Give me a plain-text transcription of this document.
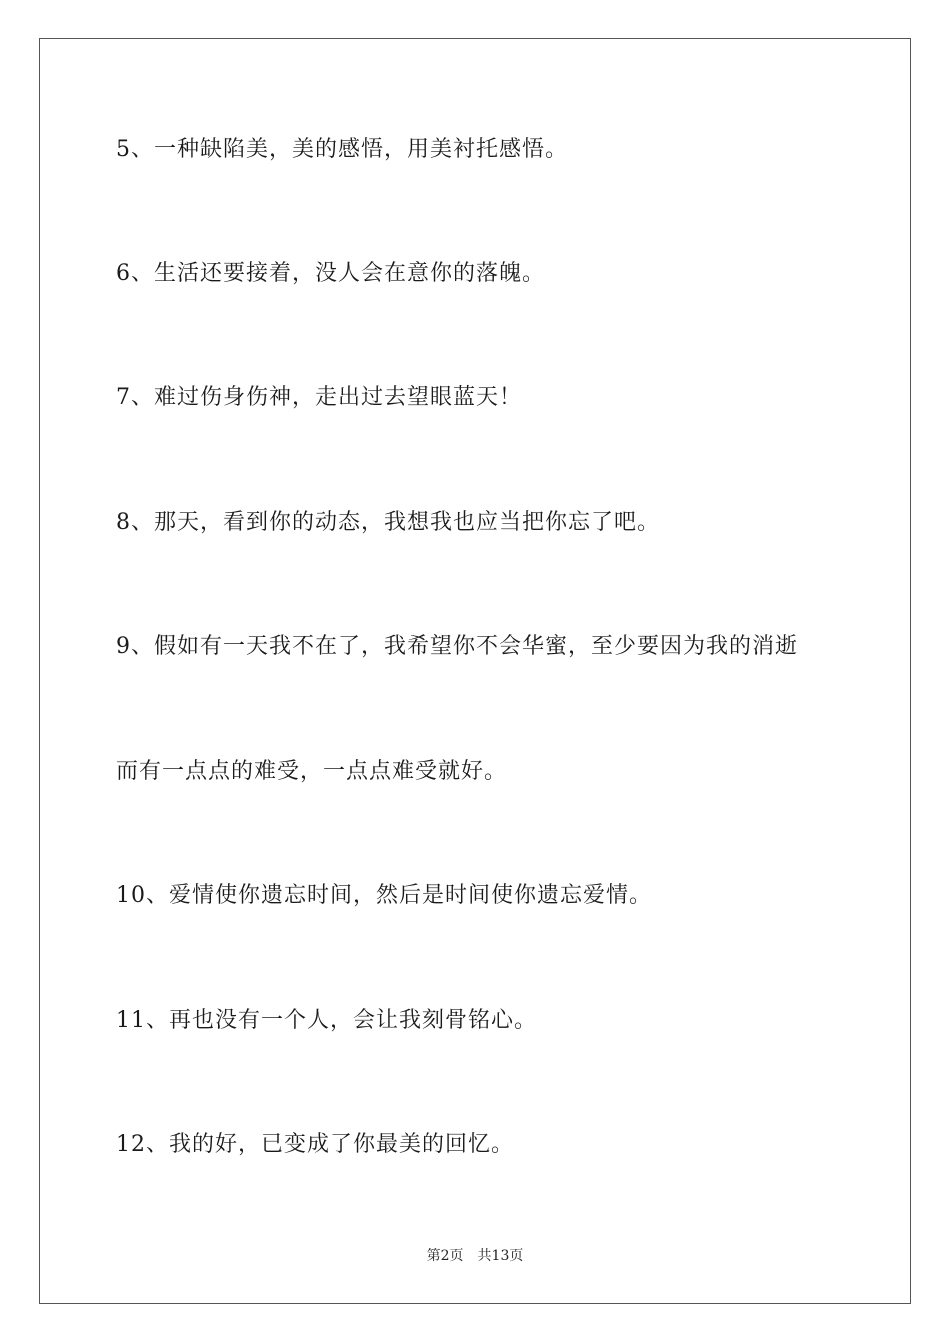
5、一种缺陷美，美的感悟，用美衬托感悟。
6、生活还要接着，没人会在意你的落魄。
7、难过伤身伤神，走出过去望眼蓝天！
8、那天，看到你的动态，我想我也应当把你忘了吧。
9、假如有一天我不在了，我希望你不会华蜜，至少要因为我的消逝
而有一点点的难受，一点点难受就好。
10、爱情使你遗忘时间，然后是时间使你遗忘爱情。
11、再也没有一个人，会让我刻骨铭心。
12、我的好，已变成了你最美的回忆。
第2页 共13页
